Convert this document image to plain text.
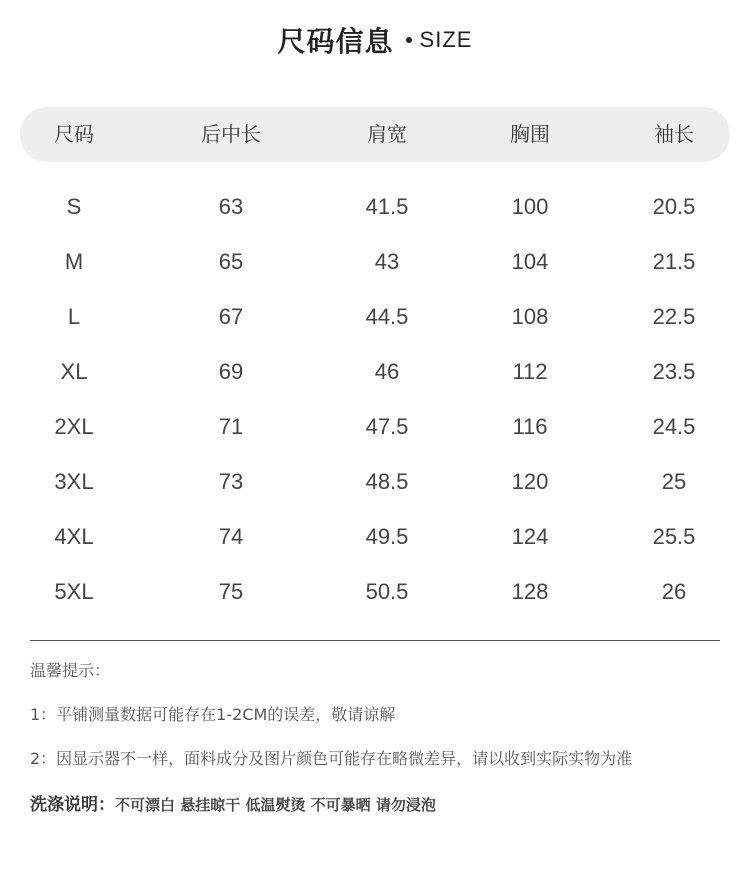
尺码信息 SIZE
尺码	后中长	肩宽	胸围	袖长
S	63	41.5	100	20.5
M	65	43	104	21.5
L	67	44.5	108	22.5
XL	69	46	112	23.5
2XL	71	47.5	116	24.5
3XL	73	48.5	120	25
4XL	74	49.5	124	25.5
5XL	75	50.5	128	26
温馨提示：
1：平铺测量数据可能存在1-2CM的误差，敬请谅解
2：因显示器不一样，面料成分及图片颜色可能存在略微差异，请以收到实际实物为准
洗涤说明：不可漂白 悬挂晾干 低温熨烫 不可暴晒 请勿浸泡
